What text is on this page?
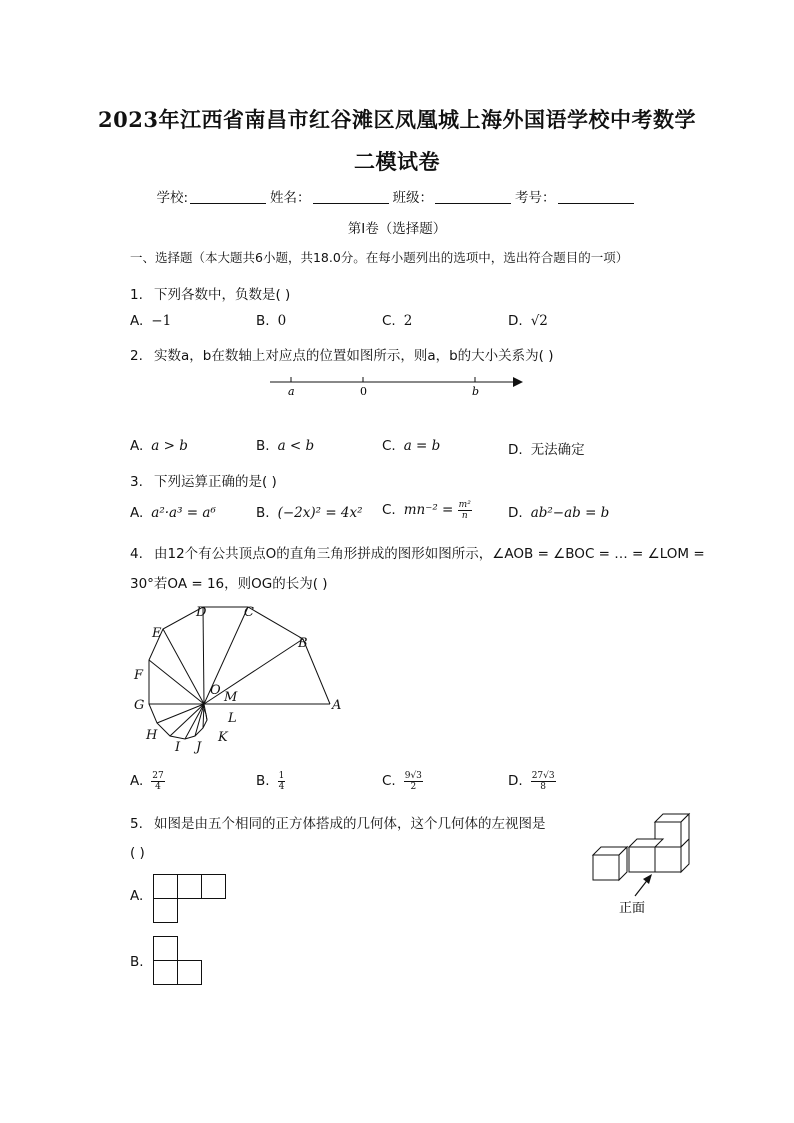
2023年江西省南昌市红谷滩区凤凰城上海外国语学校中考数学
二模试卷
学校:	姓名：	班级：	考号：
第I卷（选择题）
一、选择题（本大题共6小题，共18.0分。在每小题列出的选项中，选出符合题目的一项）
1. 下列各数中，负数是( )
A. −1	B. 0	C. 2	D. √2
2. 实数a，b在数轴上对应点的位置如图所示，则a，b的大小关系为( )
a	0	b
A. a > b	B. a < b	C. a = b	D. 无法确定
3. 下列运算正确的是( )
A. a²·a³ = a⁶	B. (−2x)² = 4x² C. $mn^{-2} = \frac{\text{m²}}{n}$	D. ab²−ab = b
4. 由12个有公共顶点O的直角三角形拼成的图形如图所示，∠AOB = ∠BOC = … = ∠LOM =
30°若OA = 16，则OG的长为( )
A
B
C
D
E
F
G
H
I J
K
L
M
O
A. $\frac{27}{4}$	B. $\frac{1}{4}$	C. $\frac{9√3}{2}$	D. $\frac{27√3}{8}$
5. 如图是由五个相同的正方体搭成的几何体，这个几何体的左视图是
( )
正面
A.
B.
